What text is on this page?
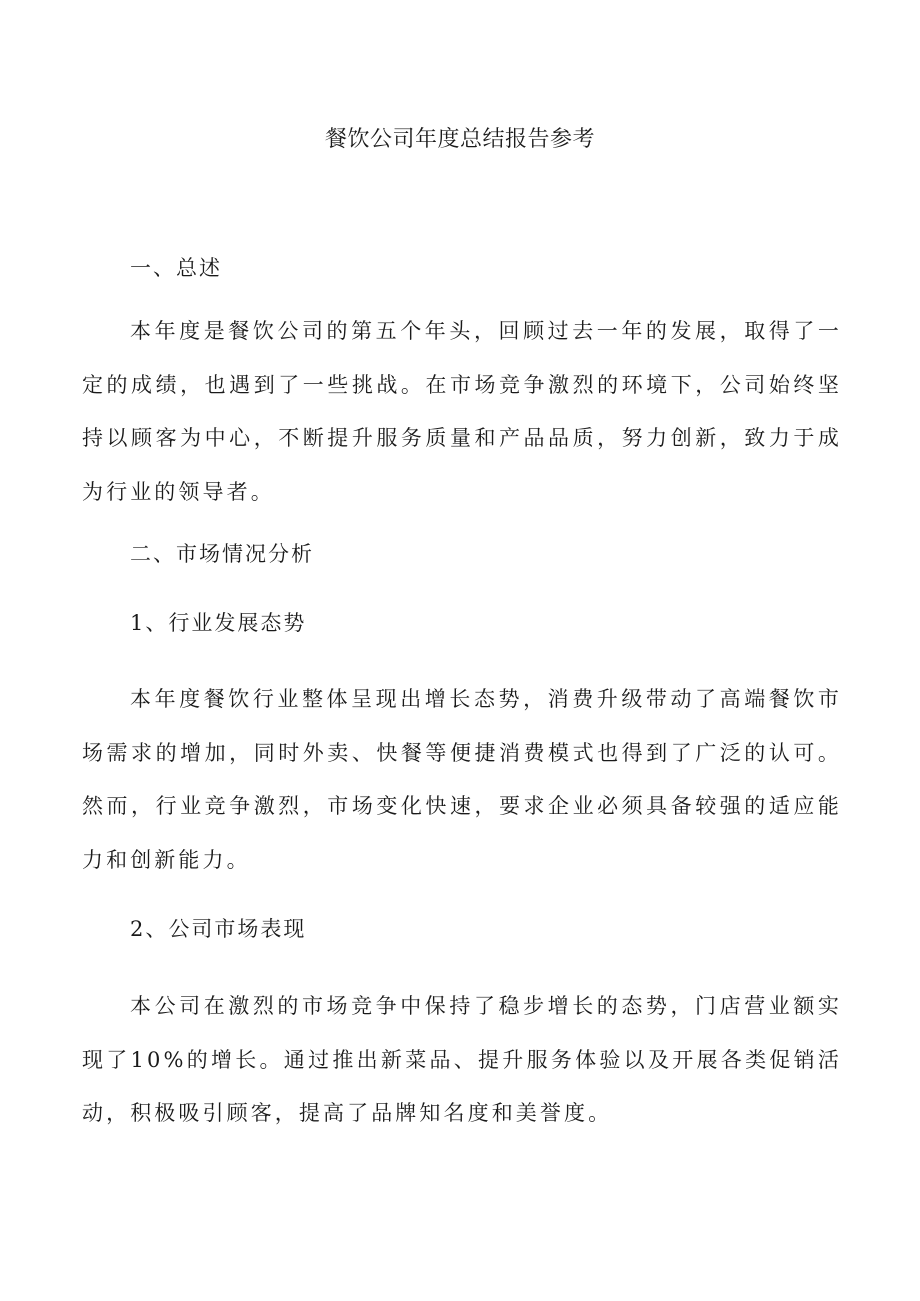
餐饮公司年度总结报告参考
一、总述

本年度是餐饮公司的第五个年头，回顾过去一年的发展，取得了一定的成绩，也遇到了一些挑战。在市场竞争激烈的环境下，公司始终坚持以顾客为中心，不断提升服务质量和产品品质，努力创新，致力于成为行业的领导者。

二、市场情况分析
1、行业发展态势

本年度餐饮行业整体呈现出增长态势，消费升级带动了高端餐饮市场需求的增加，同时外卖、快餐等便捷消费模式也得到了广泛的认可。然而，行业竞争激烈，市场变化快速，要求企业必须具备较强的适应能力和创新能力。

2、公司市场表现

本公司在激烈的市场竞争中保持了稳步增长的态势，门店营业额实现了10%的增长。通过推出新菜品、提升服务体验以及开展各类促销活动，积极吸引顾客，提高了品牌知名度和美誉度。
